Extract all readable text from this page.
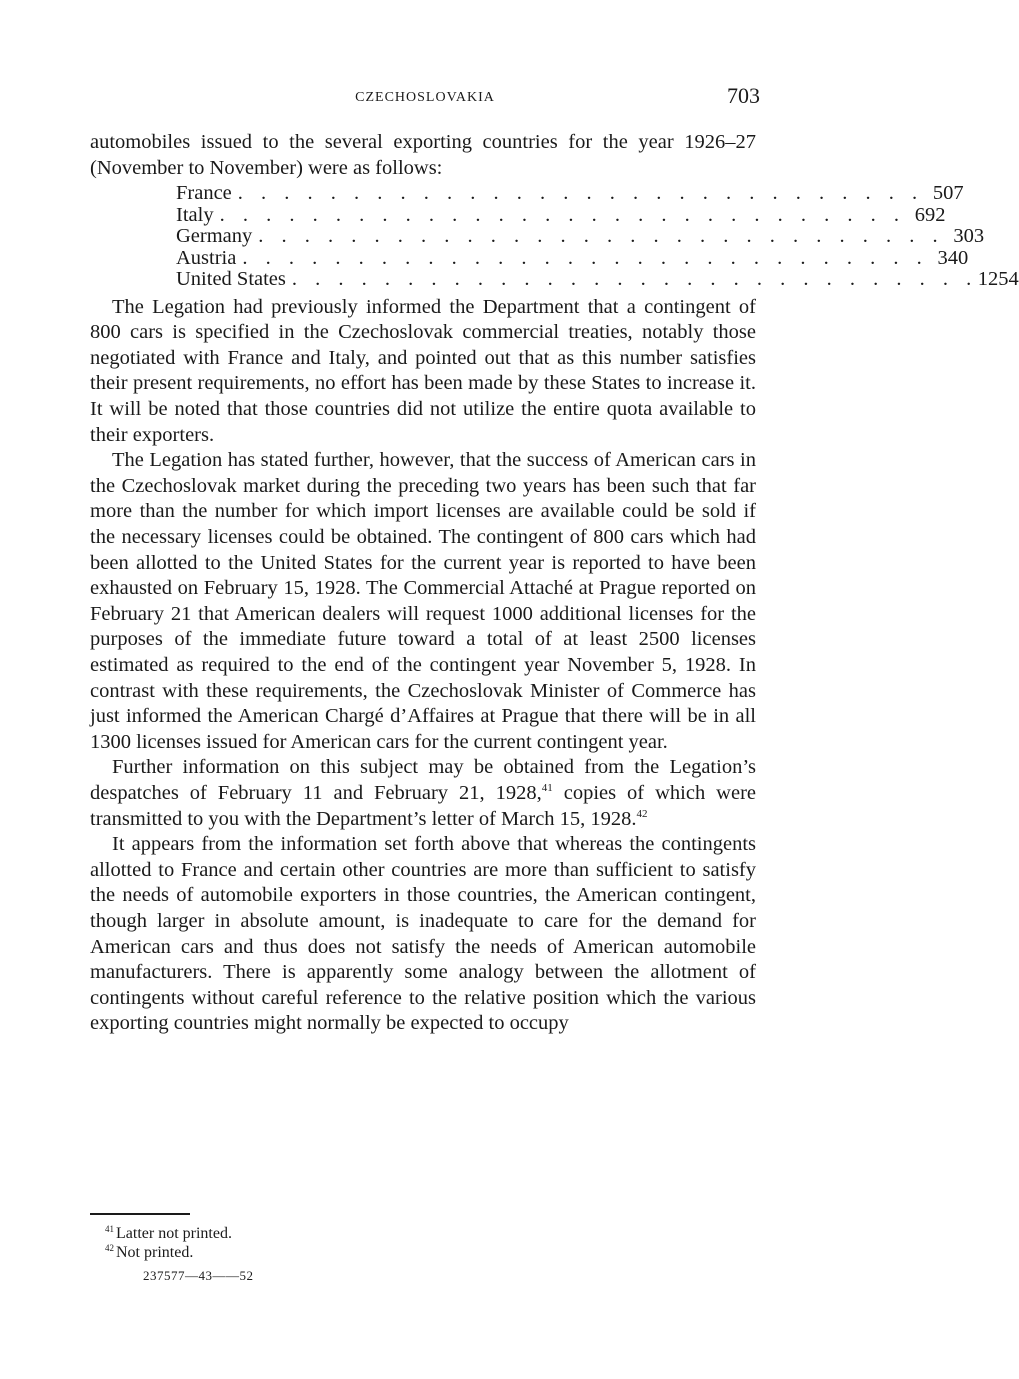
CZECHOSLOVAKIA	703

automobiles issued to the several exporting countries for the year 1926–27 (November to November) were as follows:

France . . . . . . . . . . . . . . . . . . . . . . . . . . . . . . 507
Italy . . . . . . . . . . . . . . . . . . . . . . . . . . . . . . 692
Germany . . . . . . . . . . . . . . . . . . . . . . . . . . . . . . 303
Austria . . . . . . . . . . . . . . . . . . . . . . . . . . . . . . 340
United States . . . . . . . . . . . . . . . . . . . . . . . . . . . . . . 1254

The Legation had previously informed the Department that a contingent of 800 cars is specified in the Czechoslovak commercial treaties, notably those negotiated with France and Italy, and pointed out that as this number satisfies their present requirements, no effort has been made by these States to increase it. It will be noted that those countries did not utilize the entire quota available to their exporters.

The Legation has stated further, however, that the success of American cars in the Czechoslovak market during the preceding two years has been such that far more than the number for which import licenses are available could be sold if the necessary licenses could be obtained. The contingent of 800 cars which had been allotted to the United States for the current year is reported to have been exhausted on February 15, 1928. The Commercial Attaché at Prague reported on February 21 that American dealers will request 1000 additional licenses for the purposes of the immediate future toward a total of at least 2500 licenses estimated as required to the end of the contingent year November 5, 1928. In contrast with these requirements, the Czechoslovak Minister of Commerce has just informed the American Chargé d’Affaires at Prague that there will be in all 1300 licenses issued for American cars for the current contingent year.

Further information on this subject may be obtained from the Legation’s despatches of February 11 and February 21, 1928,41 copies of which were transmitted to you with the Department’s letter of March 15, 1928.42

It appears from the information set forth above that whereas the contingents allotted to France and certain other countries are more than sufficient to satisfy the needs of automobile exporters in those countries, the American contingent, though larger in absolute amount, is inadequate to care for the demand for American cars and thus does not satisfy the needs of American automobile manufacturers. There is apparently some analogy between the allotment of contingents without careful reference to the relative position which the various exporting countries might normally be expected to occupy

$^{41}$ Latter not printed.
$^{42}$ Not printed.
237577—43——52
